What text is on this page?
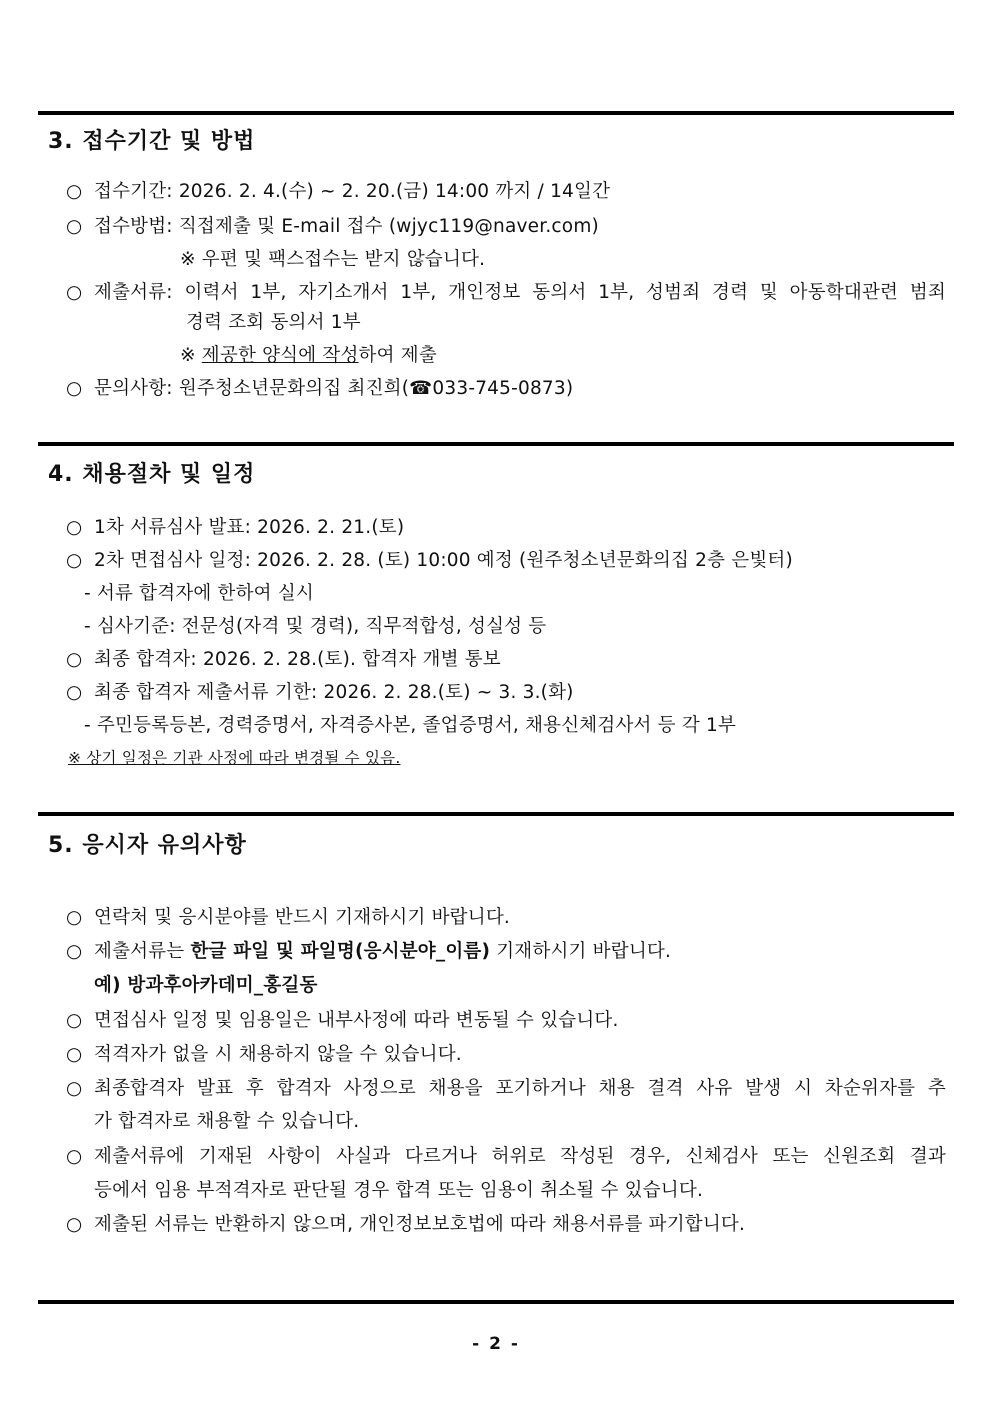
3. 접수기간 및 방법
○ 접수기간: 2026. 2. 4.(수) ~ 2. 20.(금) 14:00 까지 / 14일간
○ 접수방법: 직접제출 및 E-mail 접수 (wjyc119@naver.com)
※ 우편 및 팩스접수는 받지 않습니다.
○ 제출서류: 이력서 1부, 자기소개서 1부, 개인정보 동의서 1부, 성범죄 경력 및 아동학대관련 범죄
경력 조회 동의서 1부
※ 제공한 양식에 작성하여 제출
○ 문의사항: 원주청소년문화의집 최진희(☎033-745-0873)
4. 채용절차 및 일정
○ 1차 서류심사 발표: 2026. 2. 21.(토)
○ 2차 면접심사 일정: 2026. 2. 28. (토) 10:00 예정 (원주청소년문화의집 2층 은빛터)
- 서류 합격자에 한하여 실시
- 심사기준: 전문성(자격 및 경력), 직무적합성, 성실성 등
○ 최종 합격자: 2026. 2. 28.(토). 합격자 개별 통보
○ 최종 합격자 제출서류 기한: 2026. 2. 28.(토) ~ 3. 3.(화)
- 주민등록등본, 경력증명서, 자격증사본, 졸업증명서, 채용신체검사서 등 각 1부
※ 상기 일정은 기관 사정에 따라 변경될 수 있음.
5. 응시자 유의사항
○ 연락처 및 응시분야를 반드시 기재하시기 바랍니다.
○ 제출서류는 한글 파일 및 파일명(응시분야_이름) 기재하시기 바랍니다.
예) 방과후아카데미_홍길동
○ 면접심사 일정 및 임용일은 내부사정에 따라 변동될 수 있습니다.
○ 적격자가 없을 시 채용하지 않을 수 있습니다.
○ 최종합격자 발표 후 합격자 사정으로 채용을 포기하거나 채용 결격 사유 발생 시 차순위자를 추
가 합격자로 채용할 수 있습니다.
○ 제출서류에 기재된 사항이 사실과 다르거나 허위로 작성된 경우, 신체검사 또는 신원조회 결과
등에서 임용 부적격자로 판단될 경우 합격 또는 임용이 취소될 수 있습니다.
○ 제출된 서류는 반환하지 않으며, 개인정보보호법에 따라 채용서류를 파기합니다.
- 2 -
